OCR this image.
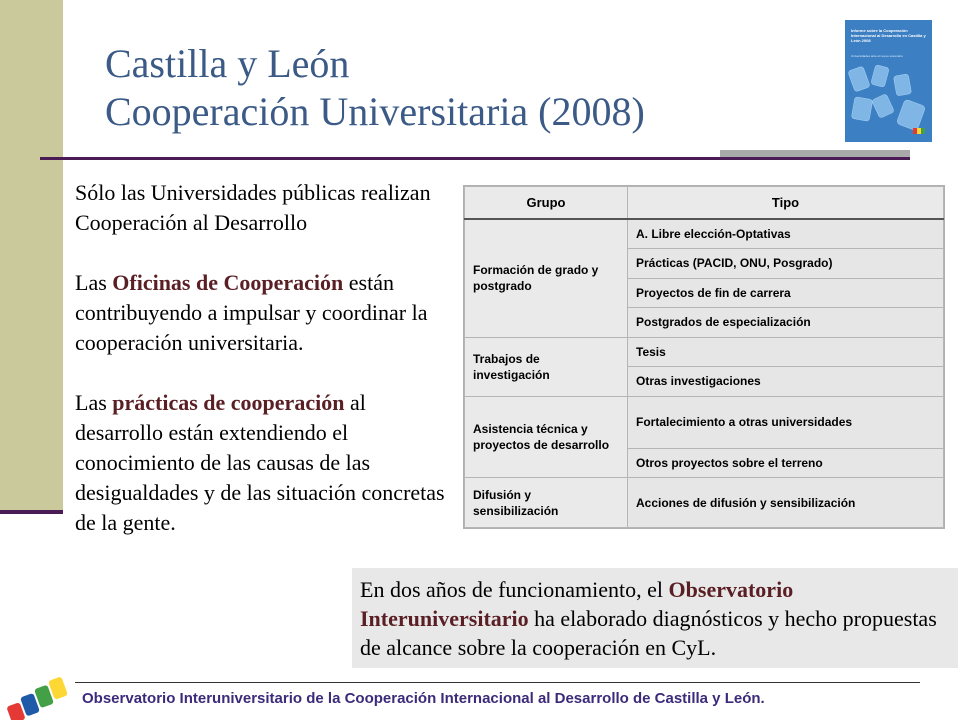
Castilla y León
Cooperación Universitaria (2008)
Informe sobre la Cooperación Internacional al Desarrollo en Castilla y León 2008
Universidades ante el nuevo escenario

Sólo las Universidades públicas realizan Cooperación al Desarrollo

Las Oficinas de Cooperación están contribuyendo a impulsar y coordinar la cooperación universitaria.

Las prácticas de cooperación al desarrollo están extendiendo el conocimiento de las causas de las desigualdades y de las situación concretas de la gente.

Grupo	Tipo
Formación de grado y postgrado	A. Libre elección-Optativas
	Prácticas (PACID, ONU, Posgrado)
	Proyectos de fin de carrera
	Postgrados de especialización
Trabajos de investigación	Tesis
	Otras investigaciones
Asistencia técnica y proyectos de desarrollo	Fortalecimiento a otras universidades
	Otros proyectos sobre el terreno
Difusión y sensibilización	Acciones de difusión y sensibilización
En dos años de funcionamiento, el Observatorio Interuniversitario ha elaborado diagnósticos y hecho propuestas de alcance sobre la cooperación en CyL.
Observatorio Interuniversitario de la Cooperación Internacional al Desarrollo de Castilla y León.
